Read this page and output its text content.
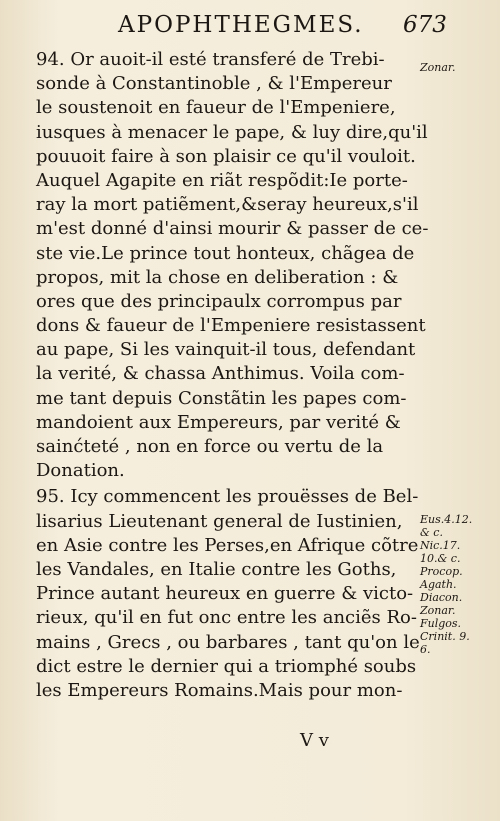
APOPHTHEGMES. 673
94. Or auoit-il esté transferé de Trebi-
sonde à Constantinoble , & l'Empereur
le soustenoit en faueur de l'Empeniere,
iusques à menacer le pape, & luy dire,qu'il
pouuoit faire à son plaisir ce qu'il vouloit.
Auquel Agapite en riãt respõdit:Ie porte-
ray la mort patiẽment,&seray heureux,s'il
m'est donné d'ainsi mourir & passer de ce-
ste vie.Le prince tout honteux, chãgea de
propos, mit la chose en deliberation : &
ores que des principaulx corrompus par
dons & faueur de l'Empeniere resistassent
au pape, Si les vainquit-il tous, defendant
la verité, & chassa Anthimus. Voila com-
me tant depuis Constãtin les papes com-
mandoient aux Empereurs, par verité &
sainćteté , non en force ou vertu de la
Donation.
95. Icy commencent les prouësses de Bel-
lisarius Lieutenant general de Iustinien,
en Asie contre les Perses,en Afrique cõtre
les Vandales, en Italie contre les Goths,
Prince autant heureux en guerre & victo-
rieux, qu'il en fut onc entre les anciẽs Ro-
mains , Grecs , ou barbares , tant qu'on le
dict estre le dernier qui a triomphé soubs
les Empereurs Romains.Mais pour mon-
Zonar.
Eus.4.12.
& c.
Nic.17.
10.& c.
Procop.
Agath.
Diacon.
Zonar.
Fulgos.
Crinit. 9.
6.
V v
